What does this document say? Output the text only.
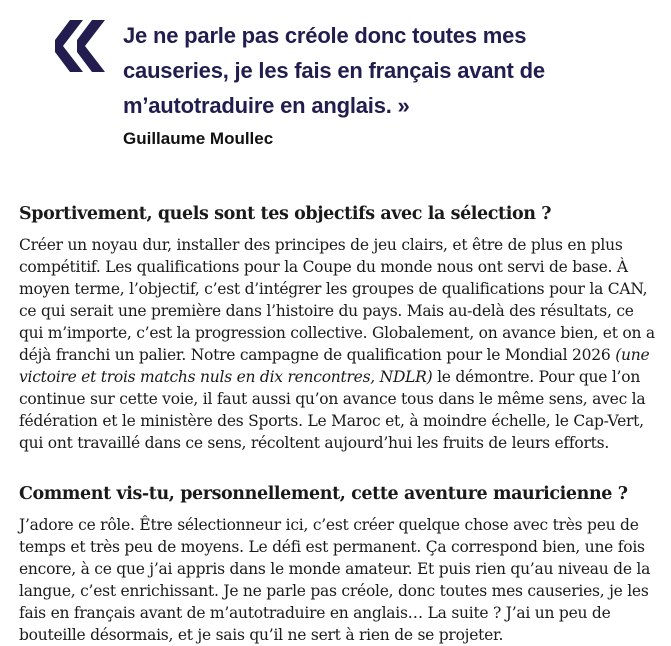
Je ne parle pas créole donc toutes mes causeries, je les fais en français avant de m’autotraduire en anglais. »

Guillaume Moullec
Sportivement, quels sont tes objectifs avec la sélection ?

Créer un noyau dur, installer des principes de jeu clairs, et être de plus en plus compétitif. Les qualifications pour la Coupe du monde nous ont servi de base. À moyen terme, l’objectif, c’est d’intégrer les groupes de qualifications pour la CAN, ce qui serait une première dans l’histoire du pays. Mais au-delà des résultats, ce qui m’importe, c’est la progression collective. Globalement, on avance bien, et on a déjà franchi un palier. Notre campagne de qualification pour le Mondial 2026 (une victoire et trois matchs nuls en dix rencontres, NDLR) le démontre. Pour que l’on continue sur cette voie, il faut aussi qu’on avance tous dans le même sens, avec la fédération et le ministère des Sports. Le Maroc et, à moindre échelle, le Cap-Vert, qui ont travaillé dans ce sens, récoltent aujourd’hui les fruits de leurs efforts.

Comment vis-tu, personnellement, cette aventure mauricienne ?

J’adore ce rôle. Être sélectionneur ici, c’est créer quelque chose avec très peu de temps et très peu de moyens. Le défi est permanent. Ça correspond bien, une fois encore, à ce que j’ai appris dans le monde amateur. Et puis rien qu’au niveau de la langue, c’est enrichissant. Je ne parle pas créole, donc toutes mes causeries, je les fais en français avant de m’autotraduire en anglais… La suite ? J’ai un peu de bouteille désormais, et je sais qu’il ne sert à rien de se projeter.
